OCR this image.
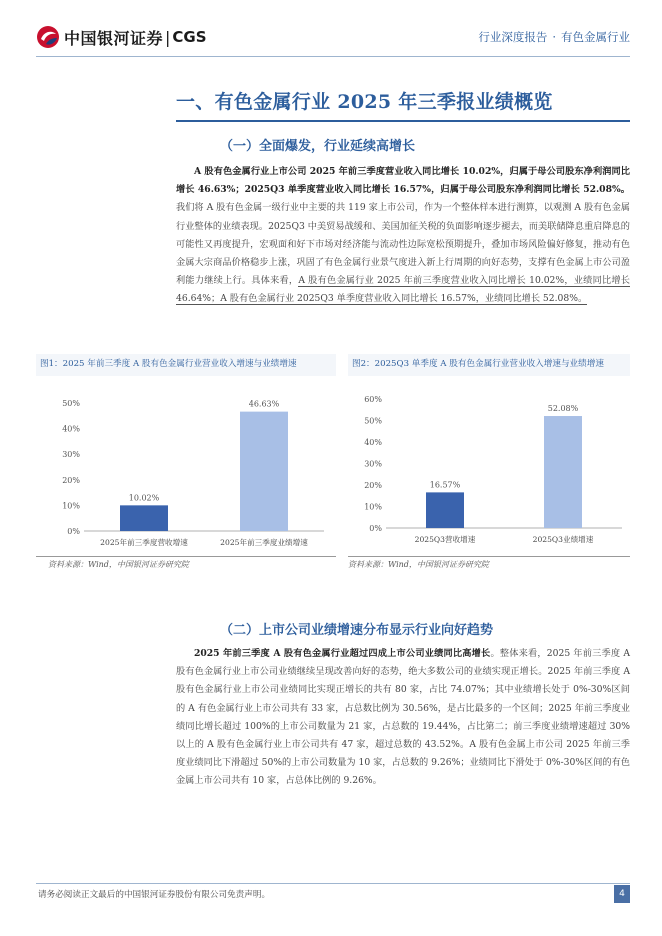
中国银河证券 | CGS	行业深度报告 · 有色金属行业
一、有色金属行业 2025 年三季报业绩概览
（一）全面爆发，行业延续高增长
A 股有色金属行业上市公司 2025 年前三季度营业收入同比增长 10.02%，归属于母公司股东净利润同比增长 46.63%；2025Q3 单季度营业收入同比增长 16.57%，归属于母公司股东净利润同比增长 52.08%。我们将 A 股有色金属一级行业中主要的共 119 家上市公司，作为一个整体样本进行测算，以观测 A 股有色金属行业整体的业绩表现。2025Q3 中美贸易战缓和、美国加征关税的负面影响逐步褪去，而美联储降息重启降息的可能性又再度提升，宏观面和好下市场对经济能与流动性边际宽松预期提升，叠加市场风险偏好修复，推动有色金属大宗商品价格稳步上涨，巩固了有色金属行业景气度进入新上行周期的向好态势，支撑有色金属上市公司盈利能力继续上行。具体来看，A 股有色金属行业 2025 年前三季度营业收入同比增长 10.02%，业绩同比增长 46.64%；A 股有色金属行业 2025Q3 单季度营业收入同比增长 16.57%，业绩同比增长 52.08%。
图1：2025 年前三季度 A 股有色金属行业营业收入增速与业绩增速
0%
10%
20%
30%
40%
50%
10.02%
2025年前三季度营收增速
46.63%
2025年前三季度业绩增速
资料来源：Wind，中国银河证券研究院
图2：2025Q3 单季度 A 股有色金属行业营业收入增速与业绩增速
0%
10%
20%
30%
40%
50%
60%
16.57%
2025Q3营收增速
52.08%
2025Q3业绩增速
资料来源：Wind，中国银河证券研究院
（二）上市公司业绩增速分布显示行业向好趋势
2025 年前三季度 A 股有色金属行业超过四成上市公司业绩同比高增长。整体来看，2025 年前三季度 A 股有色金属行业上市公司业绩继续呈现改善向好的态势，绝大多数公司的业绩实现正增长。2025 年前三季度 A 股有色金属行业上市公司业绩同比实现正增长的共有 80 家，占比 74.07%；其中业绩增长处于 0%-30%区间的 A 有色金属行业上市公司共有 33 家，占总数比例为 30.56%，是占比最多的一个区间；2025 年前三季度业绩同比增长超过 100%的上市公司数量为 21 家，占总数的 19.44%，占比第二；前三季度业绩增速超过 30%以上的 A 股有色金属行业上市公司共有 47 家，超过总数的 43.52%。A 股有色金属上市公司 2025 年前三季度业绩同比下滑超过 50%的上市公司数量为 10 家，占总数的 9.26%；业绩同比下滑处于 0%-30%区间的有色金属上市公司共有 10 家，占总体比例的 9.26%。
请务必阅读正文最后的中国银河证券股份有限公司免责声明。	4
